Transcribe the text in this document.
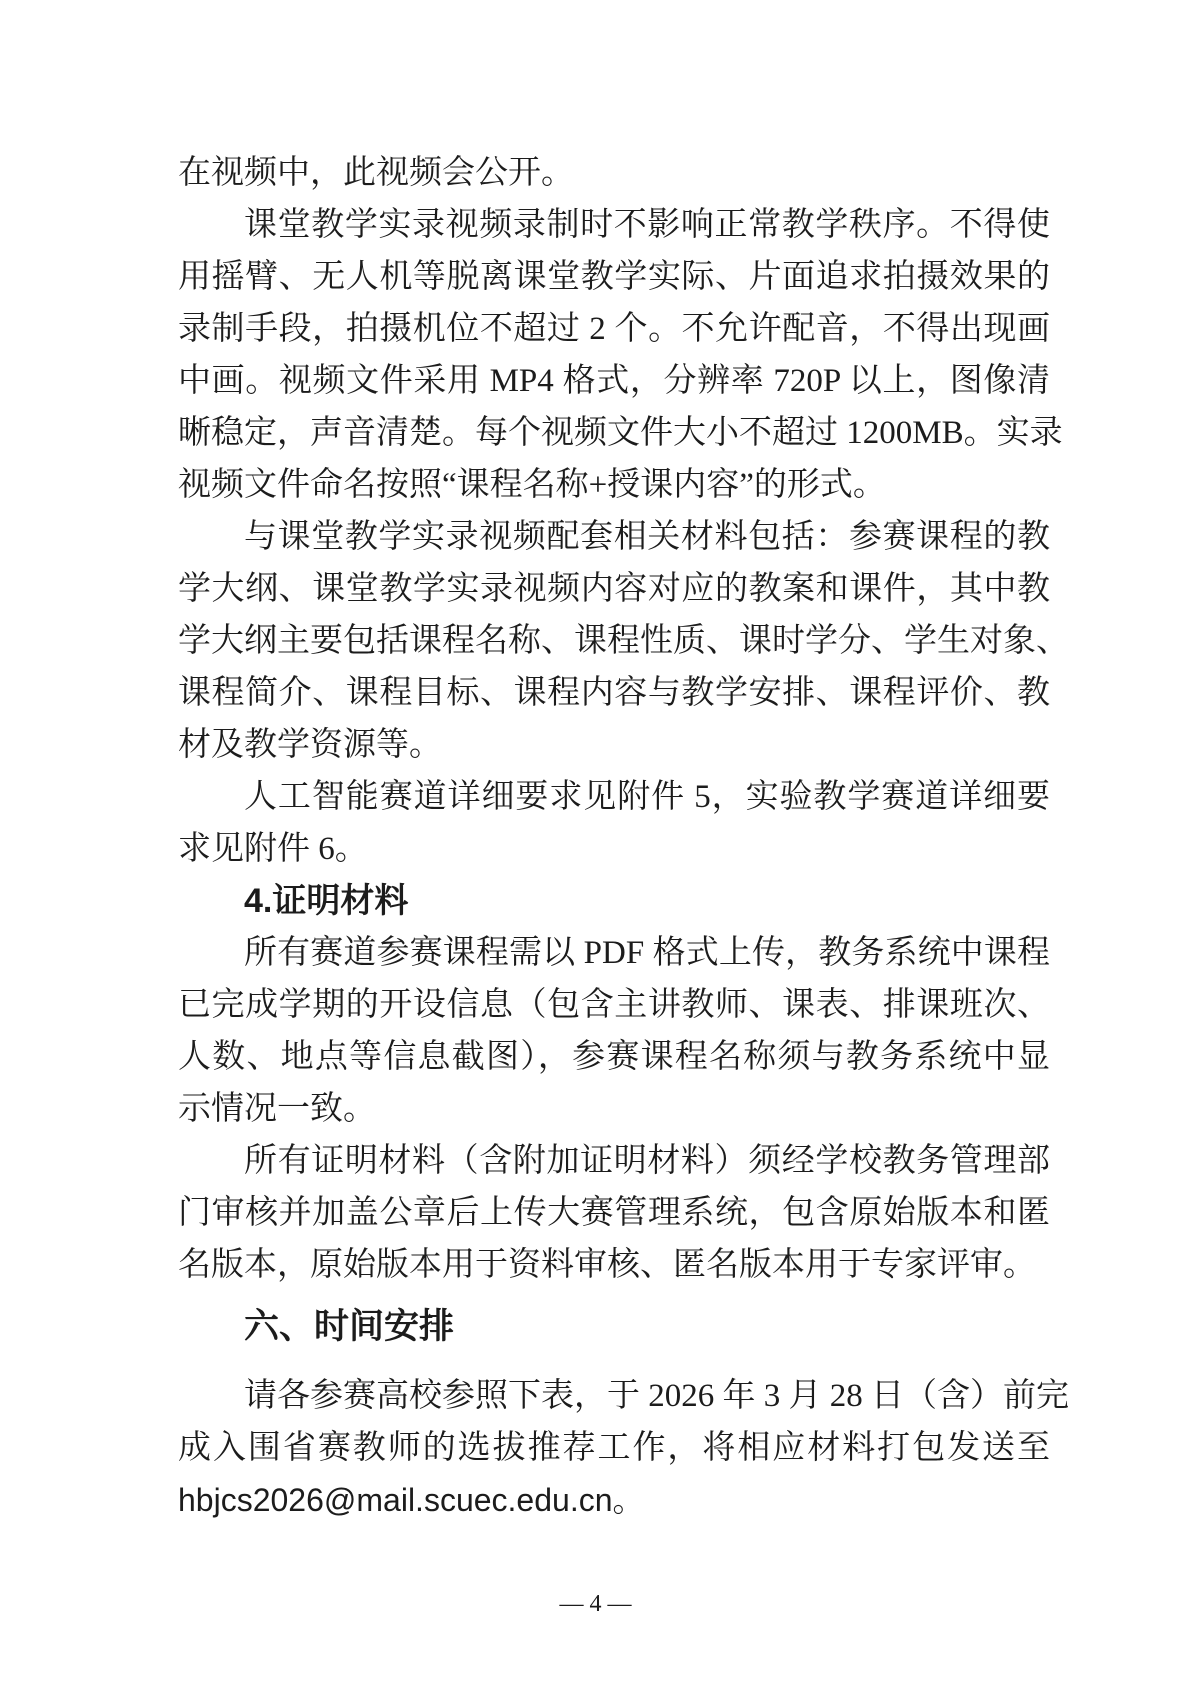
在视频中，此视频会公开。
课堂教学实录视频录制时不影响正常教学秩序。不得使
用摇臂、无人机等脱离课堂教学实际、片面追求拍摄效果的
录制手段，拍摄机位不超过 2 个。不允许配音，不得出现画
中画。视频文件采用 MP4 格式，分辨率 720P 以上，图像清
晰稳定，声音清楚。每个视频文件大小不超过 1200MB。实录
视频文件命名按照“课程名称+授课内容”的形式。
与课堂教学实录视频配套相关材料包括：参赛课程的教
学大纲、课堂教学实录视频内容对应的教案和课件，其中教
学大纲主要包括课程名称、课程性质、课时学分、学生对象、
课程简介、课程目标、课程内容与教学安排、课程评价、教
材及教学资源等。
人工智能赛道详细要求见附件 5，实验教学赛道详细要
求见附件 6。
4.证明材料
所有赛道参赛课程需以 PDF 格式上传，教务系统中课程
已完成学期的开设信息（包含主讲教师、课表、排课班次、
人数、地点等信息截图），参赛课程名称须与教务系统中显
示情况一致。
所有证明材料（含附加证明材料）须经学校教务管理部
门审核并加盖公章后上传大赛管理系统，包含原始版本和匿
名版本，原始版本用于资料审核、匿名版本用于专家评审。
六、时间安排
请各参赛高校参照下表，于 2026 年 3 月 28 日（含）前完
成入围省赛教师的选拔推荐工作，将相应材料打包发送至
hbjcs2026@mail.scuec.edu.cn。
— 4 —
